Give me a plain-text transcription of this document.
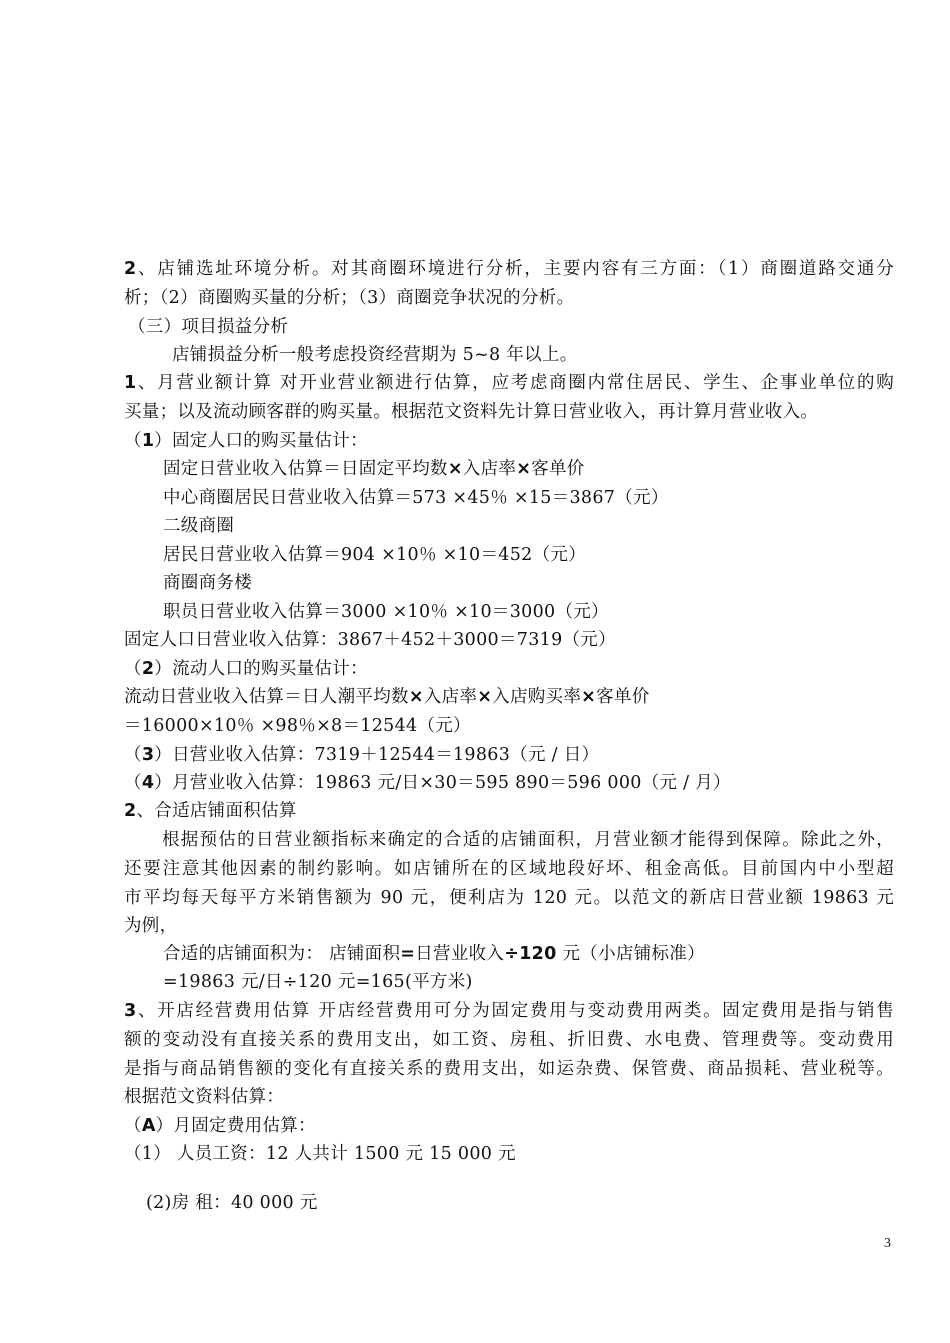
2、店铺选址环境分析。对其商圈环境进行分析，主要内容有三方面：（1）商圈道路交通分
析；（2）商圈购买量的分析；（3）商圈竞争状况的分析。
（三）项目损益分析
店铺损益分析一般考虑投资经营期为 5~8 年以上。
1、月营业额计算 对开业营业额进行估算，应考虑商圈内常住居民、学生、企事业单位的购
买量；以及流动顾客群的购买量。根据范文资料先计算日营业收入，再计算月营业收入。
（1）固定人口的购买量估计：
固定日营业收入估算＝日固定平均数×入店率×客单价
中心商圈居民日营业收入估算＝573 ×45％ ×15＝3867（元）
二级商圈
居民日营业收入估算＝904 ×10％ ×10＝452（元）
商圈商务楼
职员日营业收入估算＝3000 ×10％ ×10＝3000（元）
固定人口日营业收入估算：3867＋452＋3000＝7319（元）
（2）流动人口的购买量估计：
流动日营业收入估算＝日人潮平均数×入店率×入店购买率×客单价
＝16000×10％ ×98％×8＝12544（元）
（3）日营业收入估算：7319＋12544＝19863（元 / 日）
（4）月营业收入估算：19863 元/日×30＝595 890＝596 000（元 / 月）
2、合适店铺面积估算
根据预估的日营业额指标来确定的合适的店铺面积，月营业额才能得到保障。除此之外，
还要注意其他因素的制约影响。如店铺所在的区域地段好坏、租金高低。目前国内中小型超
市平均每天每平方米销售额为 90 元，便利店为 120 元。以范文的新店日营业额 19863 元
为例，
合适的店铺面积为： 店铺面积=日营业收入÷120 元（小店铺标准）
=19863 元/日÷120 元=165(平方米)
3、开店经营费用估算 开店经营费用可分为固定费用与变动费用两类。固定费用是指与销售
额的变动没有直接关系的费用支出，如工资、房租、折旧费、水电费、管理费等。变动费用
是指与商品销售额的变化有直接关系的费用支出，如运杂费、保管费、商品损耗、营业税等。
根据范文资料估算：
（A）月固定费用估算：
（1） 人员工资：12 人共计 1500 元 15 000 元
(2)房 租：40 000 元
3
